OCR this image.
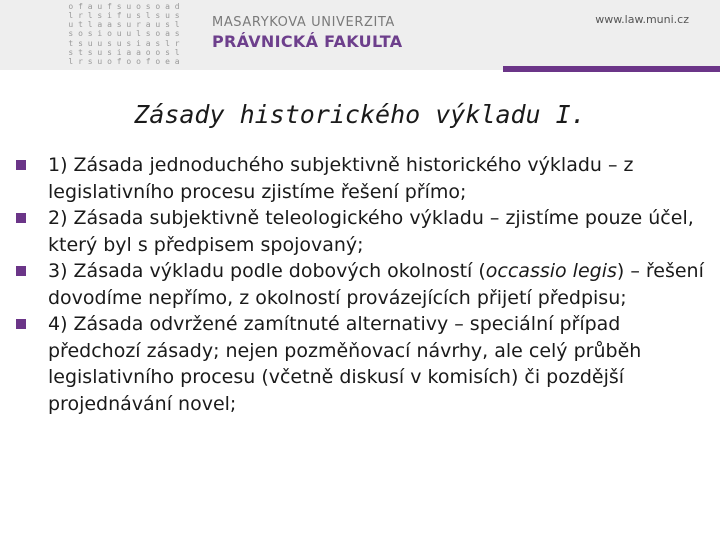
o f a u f s u o s o a d
l r l s i f u s l s u s
u t l a a s u r a u s l
s o s i o u u l s o a s
t s u u s u s i a s l r
s t s u s i a a o o s l
l r s u o f o o f o e a
MASARYKOVA UNIVERZITA
PRÁVNICKÁ FAKULTA
www.law.muni.cz
Zásady historického výkladu I.
1) Zásada jednoduchého subjektivně historického výkladu – z legislativního procesu zjistíme řešení přímo;
2) Zásada subjektivně teleologického výkladu – zjistíme pouze účel, který byl s předpisem spojovaný;
3) Zásada výkladu podle dobových okolností (occassio legis) – řešení dovodíme nepřímo, z okolností provázejících přijetí předpisu;
4) Zásada odvržené zamítnuté alternativy – speciální případ předchozí zásady; nejen pozměňovací návrhy, ale celý průběh legislativního procesu (včetně diskusí v komisích) či pozdější projednávání novel;
